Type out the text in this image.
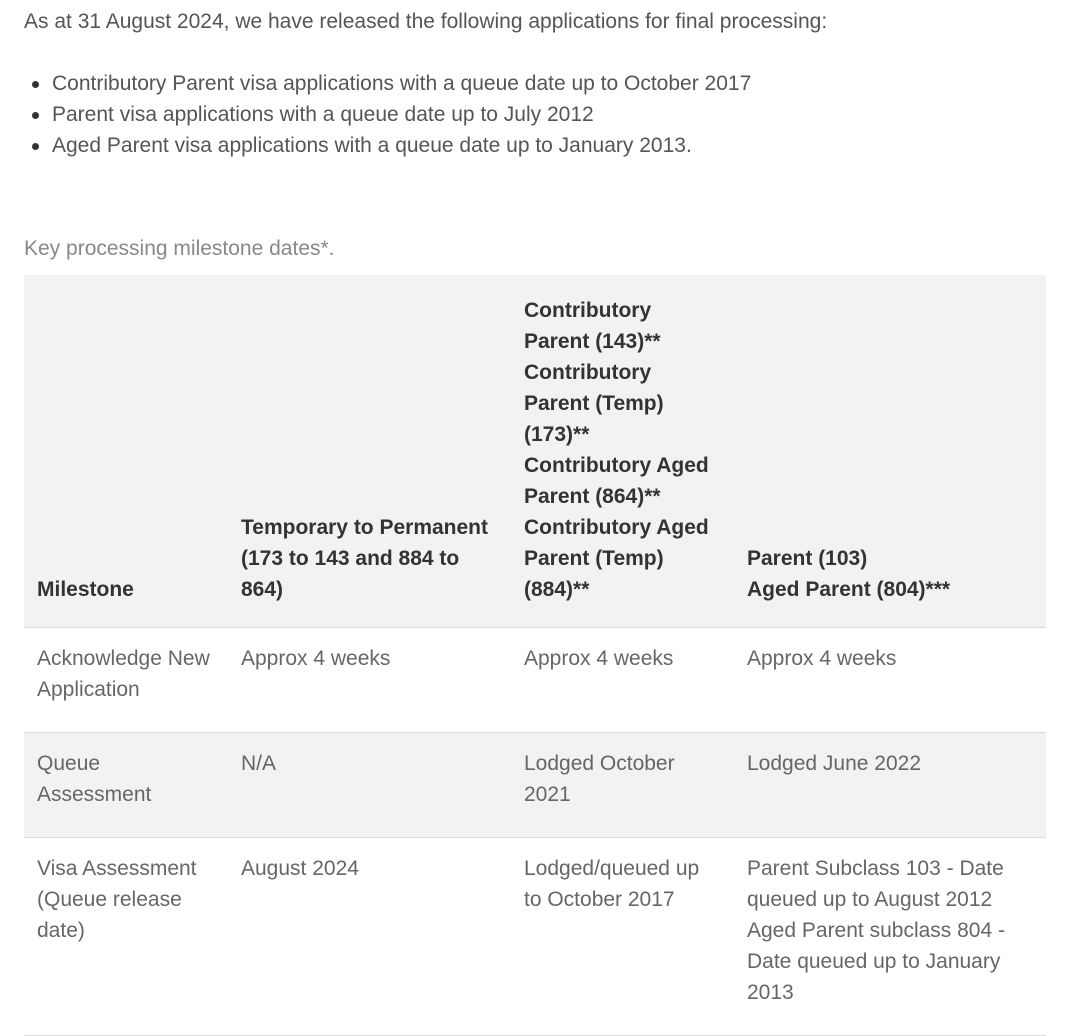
As at 31 August 2024, we have released the following applications for final processing:

Contributory Parent visa applications with a queue date up to October 2017
Parent visa applications with a queue date up to July 2012
Aged Parent visa applications with a queue date up to January 2013.

Key processing milestone dates*.

Milestone	Temporary to Permanent (173 to 143 and 884 to 864)	Contributory Parent (143)**
Contributory Parent (Temp) (173)**
Contributory Aged Parent (864)**
Contributory Aged Parent (Temp) (884)**	Parent (103)
Aged Parent (804)***

Acknowledge New Application	Approx 4 weeks	Approx 4 weeks	Approx 4 weeks

Queue Assessment	N/A	Lodged October 2021	Lodged June 2022

Visa Assessment (Queue release date)	August 2024	Lodged/queued up to October 2017	Parent Subclass 103 - Date queued up to August 2012
Aged Parent subclass 804 - Date queued up to January 2013
